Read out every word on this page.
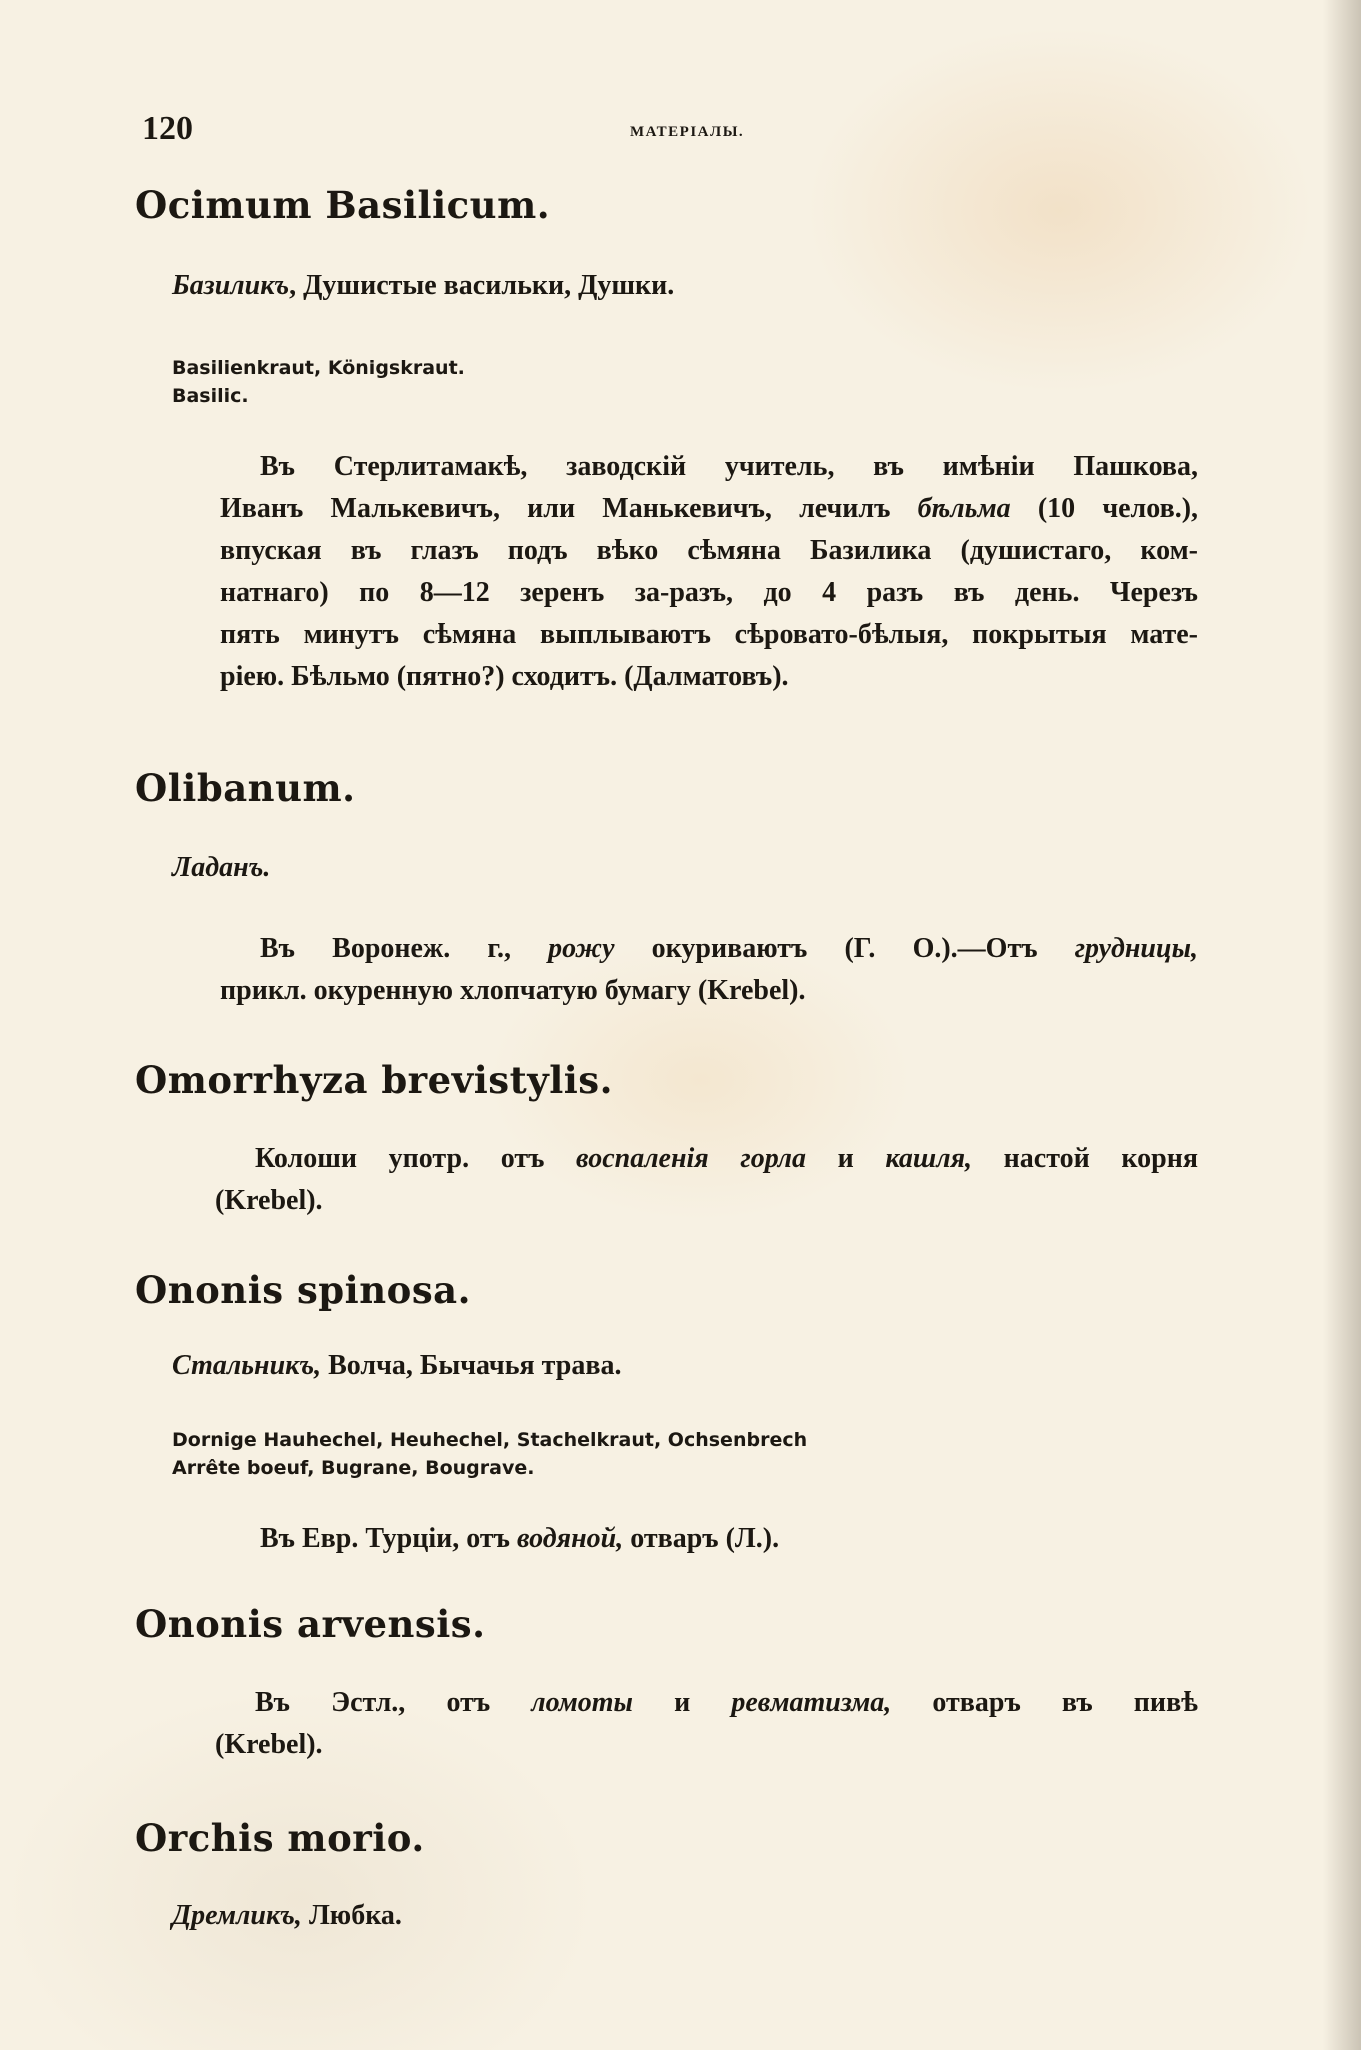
120	МАТЕРІАЛЫ.
Ocimum Basilicum.
Базиликъ, Душистые васильки, Душки.
Basilienkraut, Königskraut.
Basilic.
Въ Стерлитамакѣ, заводскій учитель, въ имѣніи Пашкова,
Иванъ Малькевичъ, или Манькевичъ, лечилъ бѣльма (10 челов.),
впуская въ глазъ подъ вѣко сѣмяна Базилика (душистаго, ком-
натнаго) по 8—12 зеренъ за-разъ, до 4 разъ въ день. Черезъ
пять минутъ сѣмяна выплываютъ сѣровато-бѣлыя, покрытыя мате-
ріею. Бѣльмо (пятно?) сходитъ. (Далматовъ).
Olibanum.
Ладанъ.
Въ Воронеж. г., рожу окуриваютъ (Г. О.).—Отъ грудницы,
прикл. окуренную хлопчатую бумагу (Krebel).
Omorrhyza brevistylis.
Колоши употр. отъ воспаленія горла и кашля, настой корня
(Krebel).
Ononis spinosa.
Стальникъ, Волча, Бычачья трава.
Dornige Hauhechel, Heuhechel, Stachelkraut, Ochsenbrech
Arrête boeuf, Bugrane, Bougrave.
Въ Евр. Турціи, отъ водяной, отваръ (Л.).
Ononis arvensis.
Въ Эстл., отъ ломоты и ревматизма, отваръ въ пивѣ
(Krebel).
Orchis morio.
Дремликъ, Любка.
